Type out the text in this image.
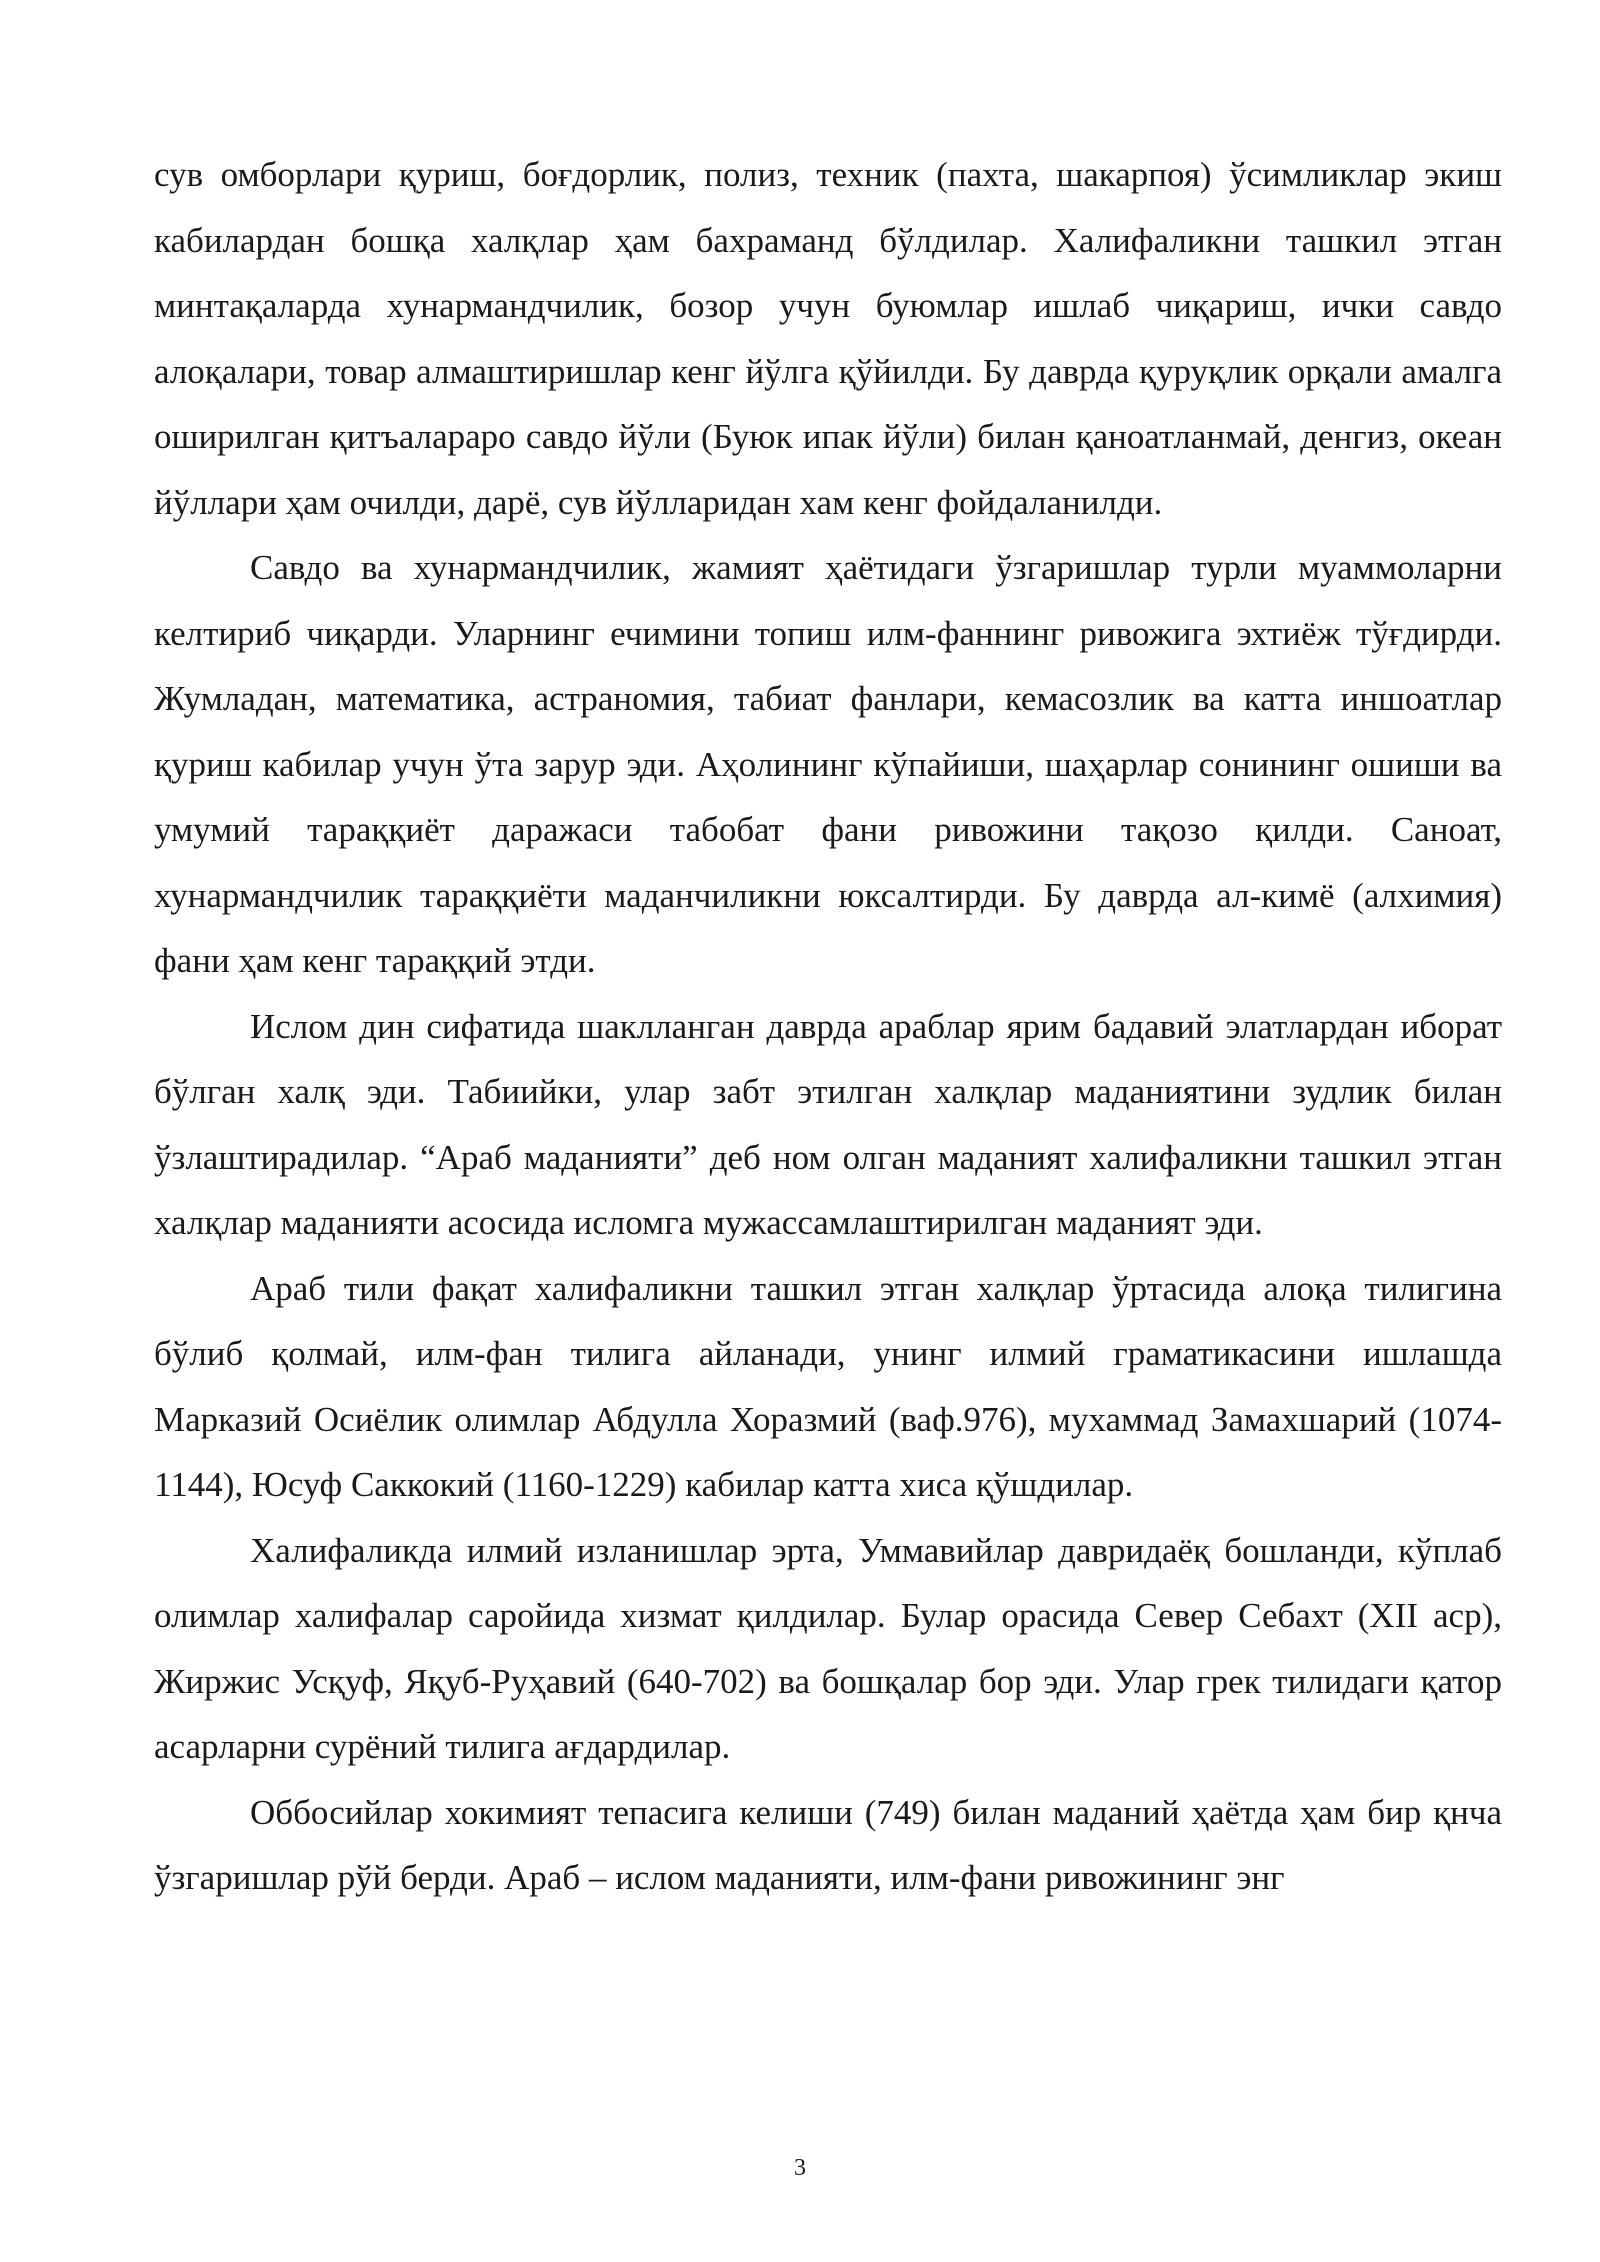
сув омборлари қуриш, боғдорлик, полиз, техник (пахта, шакарпоя) ўсимликлар экиш кабилардан бошқа халқлар ҳам бахраманд бўлдилар. Халифаликни ташкил этган минтақаларда хунармандчилик, бозор учун буюмлар ишлаб чиқариш, ички савдо алоқалари, товар алмаштиришлар кенг йўлга қўйилди. Бу даврда қуруқлик орқали амалга оширилган қитъалараро савдо йўли (Буюк ипак йўли) билан қаноатланмай, денгиз, океан йўллари ҳам очилди, дарё, сув йўлларидан хам кенг фойдаланилди.

Савдо ва хунармандчилик, жамият ҳаётидаги ўзгаришлар турли муаммоларни келтириб чиқарди. Уларнинг ечимини топиш илм-фаннинг ривожига эхтиёж тўғдирди. Жумладан, математика, астраномия, табиат фанлари, кемасозлик ва катта иншоатлар қуриш кабилар учун ўта зарур эди. Аҳолининг кўпайиши, шаҳарлар сонининг ошиши ва умумий тараққиёт даражаси табобат фани ривожини тақозо қилди. Саноат, хунармандчилик тараққиёти маданчиликни юксалтирди. Бу даврда ал-кимё (алхимия) фани ҳам кенг тараққий этди.

Ислом дин сифатида шаклланган даврда араблар ярим бадавий элатлардан иборат бўлган халқ эди. Табиийки, улар забт этилган халқлар маданиятини зудлик билан ўзлаштирадилар. “Араб маданияти” деб ном олган маданият халифаликни ташкил этган халқлар маданияти асосида исломга мужассамлаштирилган маданият эди.

Араб тили фақат халифаликни ташкил этган халқлар ўртасида алоқа тилигина бўлиб қолмай, илм-фан тилига айланади, унинг илмий граматикасини ишлашда Марказий Осиёлик олимлар Абдулла Хоразмий (ваф.976), мухаммад Замахшарий (1074-1144), Юсуф Саккокий (1160-1229) кабилар катта хиса қўшдилар.

Халифаликда илмий изланишлар эрта, Уммавийлар давридаёқ бошланди, кўплаб олимлар халифалар саройида хизмат қилдилар. Булар орасида Север Себахт (XII аср), Жиржис Усқуф, Яқуб-Руҳавий (640-702) ва бошқалар бор эди. Улар грек тилидаги қатор асарларни сурёний тилига ағдардилар.

Оббосийлар хокимият тепасига келиши (749) билан маданий ҳаётда ҳам бир қнча ўзгаришлар рўй берди. Араб – ислом маданияти, илм-фани ривожининг энг

3
